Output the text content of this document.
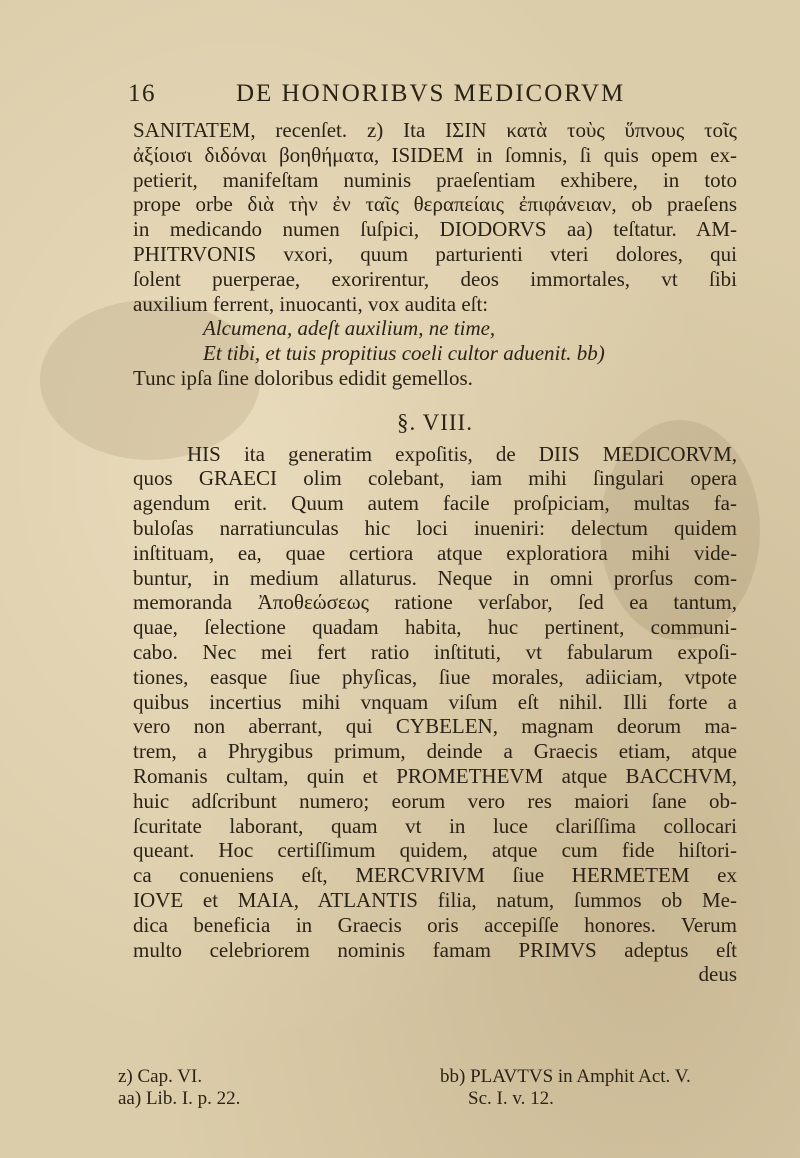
16	DE HONORIBVS MEDICORVM
SANITATEM, recenſet. z) Ita ΙΣΙΝ κατὰ τοὺς ὕπνους τοῖς
ἀξίοισι διδόναι βοηθήματα, ISIDEM in ſomnis, ſi quis opem ex-
petierit, manifeſtam numinis praeſentiam exhibere, in toto
prope orbe διὰ τὴν ἐν ταῖς θεραπείαις ἐπιφάνειαν, ob praeſens
in medicando numen ſuſpici, DIODORVS aa) teſtatur. AM-
PHITRVONIS vxori, quum parturienti vteri dolores, qui
ſolent puerperae, exorirentur, deos immortales, vt ſibi
auxilium ferrent, inuocanti, vox audita eſt:
Alcumena, adeſt auxilium, ne time,
Et tibi, et tuis propitius coeli cultor aduenit. bb)
Tunc ipſa ſine doloribus edidit gemellos.
§. VIII.
HIS ita generatim expoſitis, de DIIS MEDICORVM,
quos GRAECI olim colebant, iam mihi ſingulari opera
agendum erit. Quum autem facile proſpiciam, multas fa-
buloſas narratiunculas hic loci inueniri: delectum quidem
inſtituam, ea, quae certiora atque exploratiora mihi vide-
buntur, in medium allaturus. Neque in omni prorſus com-
memoranda Ἀποθεώσεως ratione verſabor, ſed ea tantum,
quae, ſelectione quadam habita, huc pertinent, communi-
cabo. Nec mei fert ratio inſtituti, vt fabularum expoſi-
tiones, easque ſiue phyſicas, ſiue morales, adiiciam, vtpote
quibus incertius mihi vnquam viſum eſt nihil. Illi forte a
vero non aberrant, qui CYBELEN, magnam deorum ma-
trem, a Phrygibus primum, deinde a Graecis etiam, atque
Romanis cultam, quin et PROMETHEVM atque BACCHVM,
huic adſcribunt numero; eorum vero res maiori ſane ob-
ſcuritate laborant, quam vt in luce clariſſima collocari
queant. Hoc certiſſimum quidem, atque cum fide hiſtori-
ca conueniens eſt, MERCVRIVM ſiue HERMETEM ex
IOVE et MAIA, ATLANTIS filia, natum, ſummos ob Me-
dica beneficia in Graecis oris accepiſſe honores. Verum
multo celebriorem nominis famam PRIMVS adeptus eſt
deus
z) Cap. VI.
aa) Lib. I. p. 22.
bb) PLAVTVS in Amphit Act. V.
Sc. I. v. 12.
